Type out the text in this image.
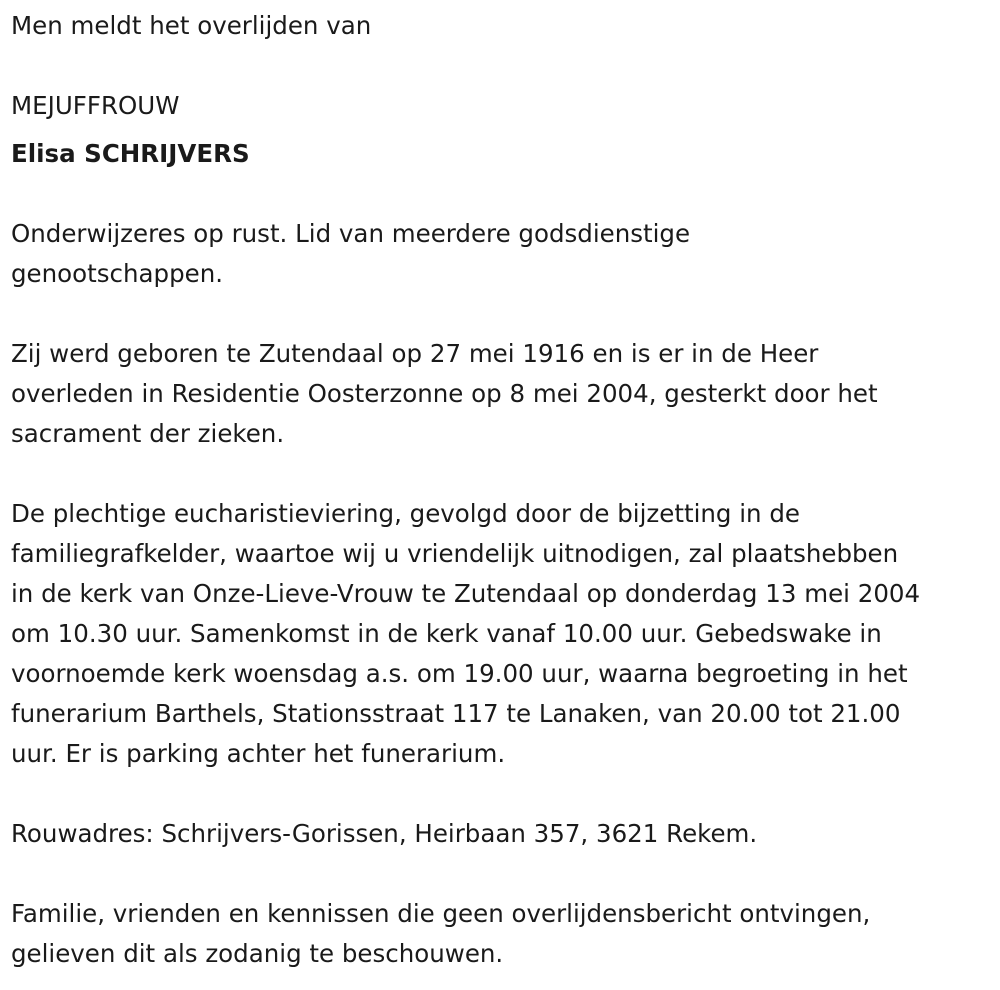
Men meldt het overlijden van
MEJUFFROUW
Elisa SCHRIJVERS
Onderwijzeres op rust. Lid van meerdere godsdienstige
genootschappen.
Zij werd geboren te Zutendaal op 27 mei 1916 en is er in de Heer
overleden in Residentie Oosterzonne op 8 mei 2004, gesterkt door het
sacrament der zieken.
De plechtige eucharistieviering, gevolgd door de bijzetting in de
familiegrafkelder, waartoe wij u vriendelijk uitnodigen, zal plaatshebben
in de kerk van Onze-Lieve-Vrouw te Zutendaal op donderdag 13 mei 2004
om 10.30 uur. Samenkomst in de kerk vanaf 10.00 uur. Gebedswake in
voornoemde kerk woensdag a.s. om 19.00 uur, waarna begroeting in het
funerarium Barthels, Stationsstraat 117 te Lanaken, van 20.00 tot 21.00
uur. Er is parking achter het funerarium.
Rouwadres: Schrijvers-Gorissen, Heirbaan 357, 3621 Rekem.
Familie, vrienden en kennissen die geen overlijdensbericht ontvingen,
gelieven dit als zodanig te beschouwen.
